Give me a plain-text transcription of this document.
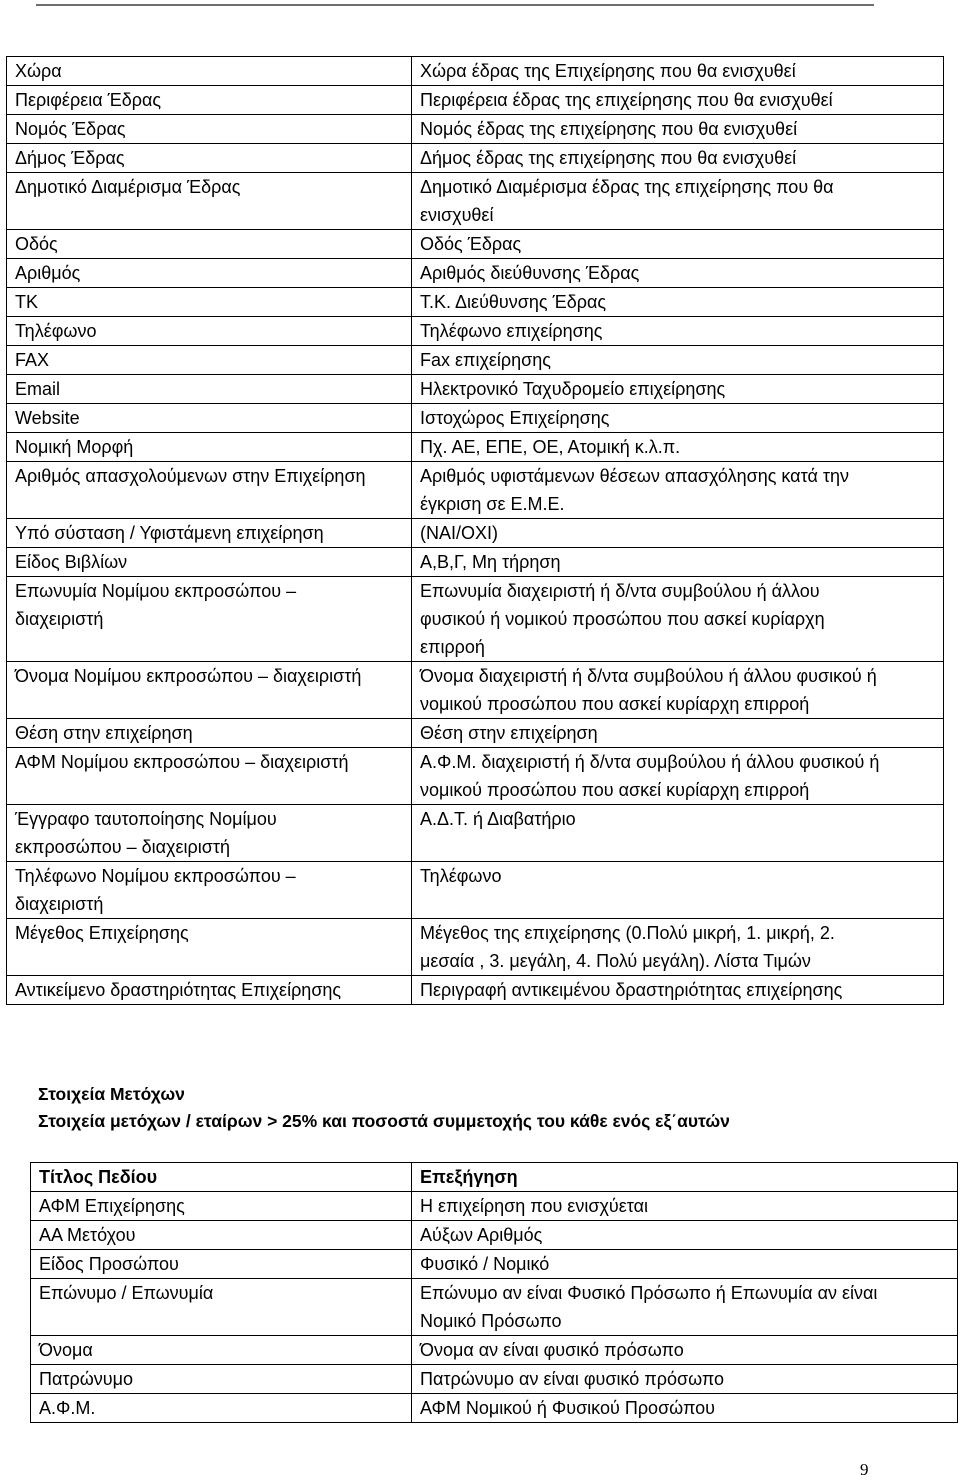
Χώρα	Χώρα έδρας της Επιχείρησης που θα ενισχυθεί
Περιφέρεια Έδρας	Περιφέρεια έδρας της επιχείρησης που θα ενισχυθεί
Νομός Έδρας	Νομός έδρας της επιχείρησης που θα ενισχυθεί
Δήμος Έδρας	Δήμος έδρας της επιχείρησης που θα ενισχυθεί
Δημοτικό Διαμέρισμα Έδρας	Δημοτικό Διαμέρισμα έδρας της επιχείρησης που θα
ενισχυθεί
Οδός	Οδός Έδρας
Αριθμός	Αριθμός διεύθυνσης Έδρας
ΤΚ	Τ.Κ. Διεύθυνσης Έδρας
Τηλέφωνο	Τηλέφωνο επιχείρησης
FAX	Fax επιχείρησης
Email	Ηλεκτρονικό Ταχυδρομείο επιχείρησης
Website	Ιστοχώρος Επιχείρησης
Νομική Μορφή	Πχ. ΑΕ, ΕΠΕ, ΟΕ, Ατομική κ.λ.π.
Αριθμός απασχολούμενων στην Επιχείρηση	Αριθμός υφιστάμενων θέσεων απασχόλησης κατά την
έγκριση σε Ε.Μ.Ε.
Υπό σύσταση / Υφιστάμενη επιχείρηση	(ΝΑΙ/ΟΧΙ)
Είδος Βιβλίων	Α,Β,Γ, Μη τήρηση
Επωνυμία Νομίμου εκπροσώπου –
διαχειριστή	Επωνυμία διαχειριστή ή δ/ντα συμβούλου ή άλλου
φυσικού ή νομικού προσώπου που ασκεί κυρίαρχη
επιρροή
Όνομα Νομίμου εκπροσώπου – διαχειριστή	Όνομα διαχειριστή ή δ/ντα συμβούλου ή άλλου φυσικού ή
νομικού προσώπου που ασκεί κυρίαρχη επιρροή
Θέση στην επιχείρηση	Θέση στην επιχείρηση
ΑΦΜ Νομίμου εκπροσώπου – διαχειριστή	Α.Φ.Μ. διαχειριστή ή δ/ντα συμβούλου ή άλλου φυσικού ή
νομικού προσώπου που ασκεί κυρίαρχη επιρροή
Έγγραφο ταυτοποίησης Νομίμου
εκπροσώπου – διαχειριστή	Α.Δ.Τ. ή Διαβατήριο
Τηλέφωνο Νομίμου εκπροσώπου –
διαχειριστή	Τηλέφωνο
Μέγεθος Επιχείρησης	Μέγεθος της επιχείρησης (0.Πολύ μικρή, 1. μικρή, 2.
μεσαία , 3. μεγάλη, 4. Πολύ μεγάλη). Λίστα Τιμών
Αντικείμενο δραστηριότητας Επιχείρησης	Περιγραφή αντικειμένου δραστηριότητας επιχείρησης
Στοιχεία Μετόχων
Στοιχεία μετόχων / εταίρων > 25% και ποσοστά συμμετοχής του κάθε ενός εξ΄αυτών
Τίτλος Πεδίου	Επεξήγηση
ΑΦΜ Επιχείρησης	Η επιχείρηση που ενισχύεται
ΑΑ Μετόχου	Αύξων Αριθμός
Είδος Προσώπου	Φυσικό / Νομικό
Επώνυμο / Επωνυμία	Επώνυμο αν είναι Φυσικό Πρόσωπο ή Επωνυμία αν είναι
Νομικό Πρόσωπο
Όνομα	Όνομα αν είναι φυσικό πρόσωπο
Πατρώνυμο	Πατρώνυμο αν είναι φυσικό πρόσωπο
Α.Φ.Μ.	ΑΦΜ Νομικού ή Φυσικού Προσώπου
9
